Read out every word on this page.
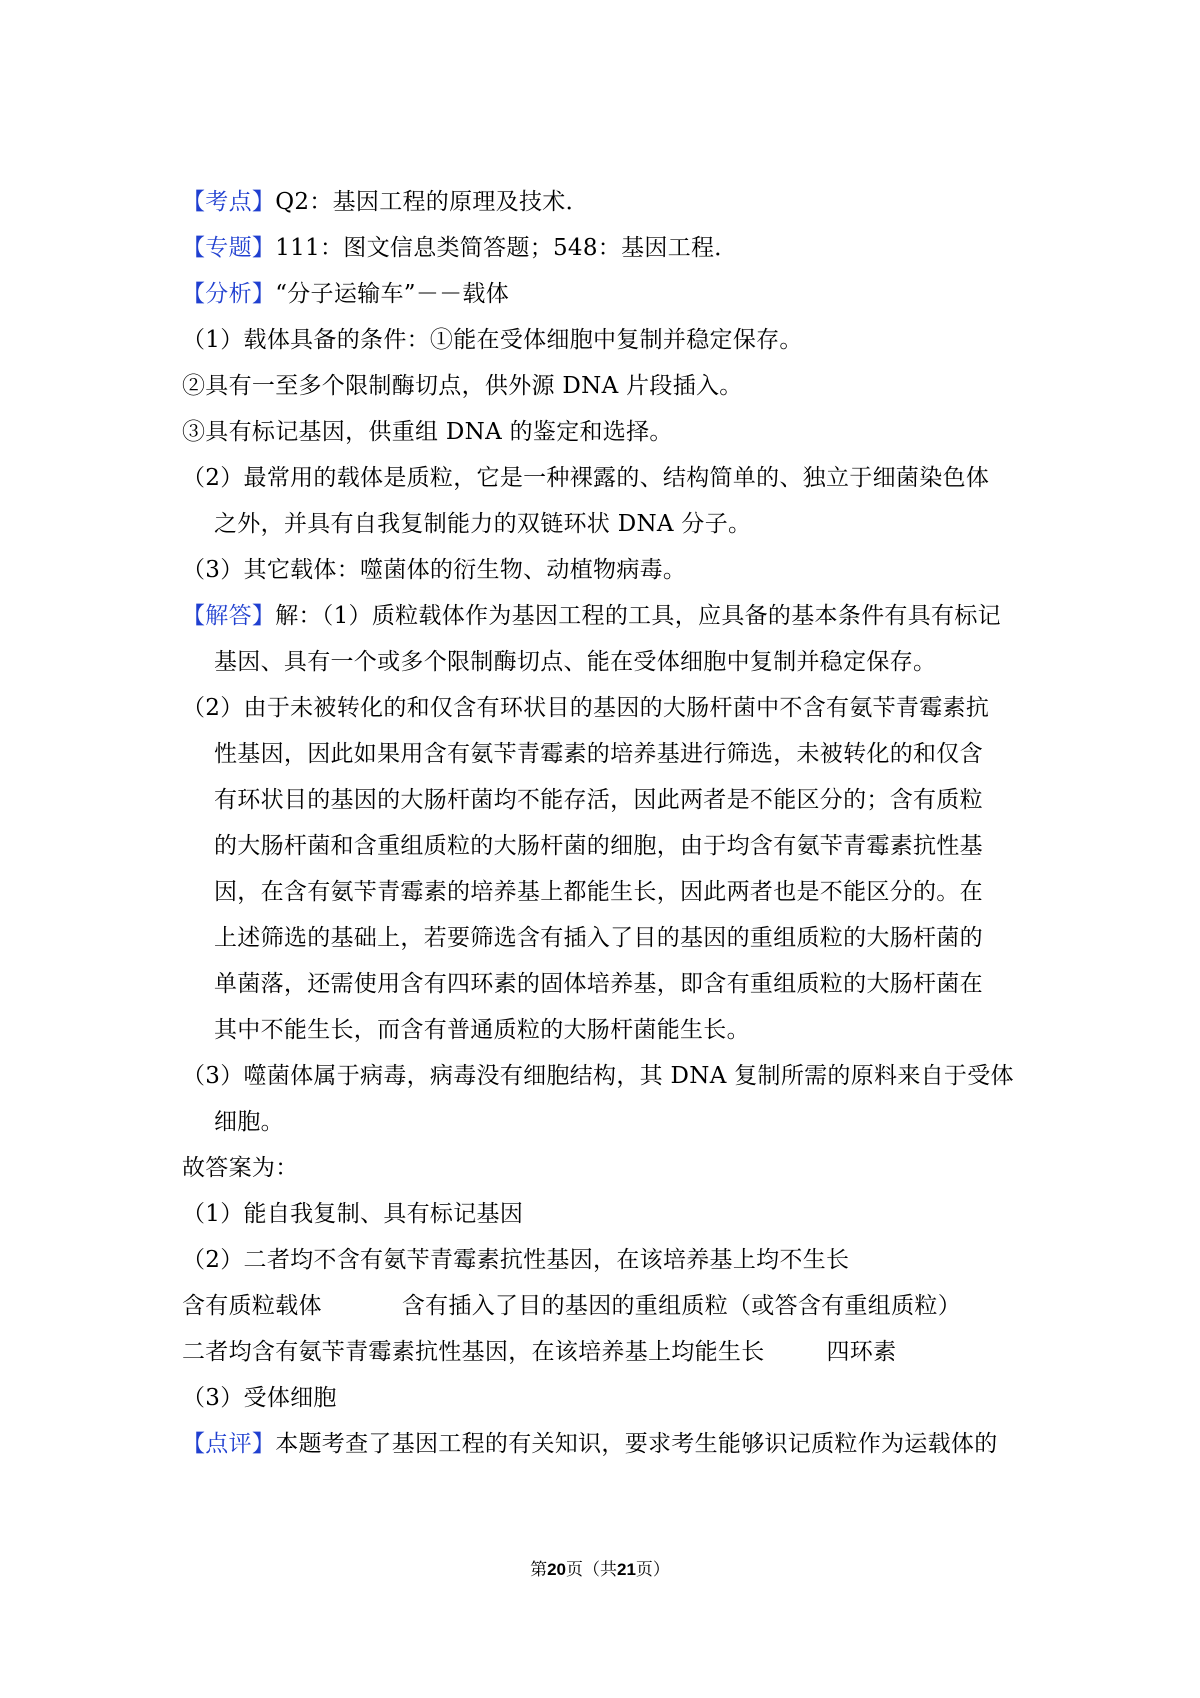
【考点】Q2：基因工程的原理及技术．
【专题】111：图文信息类简答题；548：基因工程．
【分析】“分子运输车”－－载体
（1）载体具备的条件：①能在受体细胞中复制并稳定保存。
②具有一至多个限制酶切点，供外源 DNA 片段插入。
③具有标记基因，供重组 DNA 的鉴定和选择。
（2）最常用的载体是质粒，它是一种裸露的、结构简单的、独立于细菌染色体
之外，并具有自我复制能力的双链环状 DNA 分子。
（3）其它载体：噬菌体的衍生物、动植物病毒。
【解答】解：（1）质粒载体作为基因工程的工具，应具备的基本条件有具有标记
基因、具有一个或多个限制酶切点、能在受体细胞中复制并稳定保存。
（2）由于未被转化的和仅含有环状目的基因的大肠杆菌中不含有氨苄青霉素抗
性基因，因此如果用含有氨苄青霉素的培养基进行筛选，未被转化的和仅含
有环状目的基因的大肠杆菌均不能存活，因此两者是不能区分的；含有质粒
的大肠杆菌和含重组质粒的大肠杆菌的细胞，由于均含有氨苄青霉素抗性基
因，在含有氨苄青霉素的培养基上都能生长，因此两者也是不能区分的。在
上述筛选的基础上，若要筛选含有插入了目的基因的重组质粒的大肠杆菌的
单菌落，还需使用含有四环素的固体培养基，即含有重组质粒的大肠杆菌在
其中不能生长，而含有普通质粒的大肠杆菌能生长。
（3）噬菌体属于病毒，病毒没有细胞结构，其 DNA 复制所需的原料来自于受体
细胞。
故答案为：
（1）能自我复制、具有标记基因
（2）二者均不含有氨苄青霉素抗性基因，在该培养基上均不生长
含有质粒载体	含有插入了目的基因的重组质粒（或答含有重组质粒）
二者均含有氨苄青霉素抗性基因，在该培养基上均能生长	四环素
（3）受体细胞
【点评】本题考查了基因工程的有关知识，要求考生能够识记质粒作为运载体的
第20页（共21页）
